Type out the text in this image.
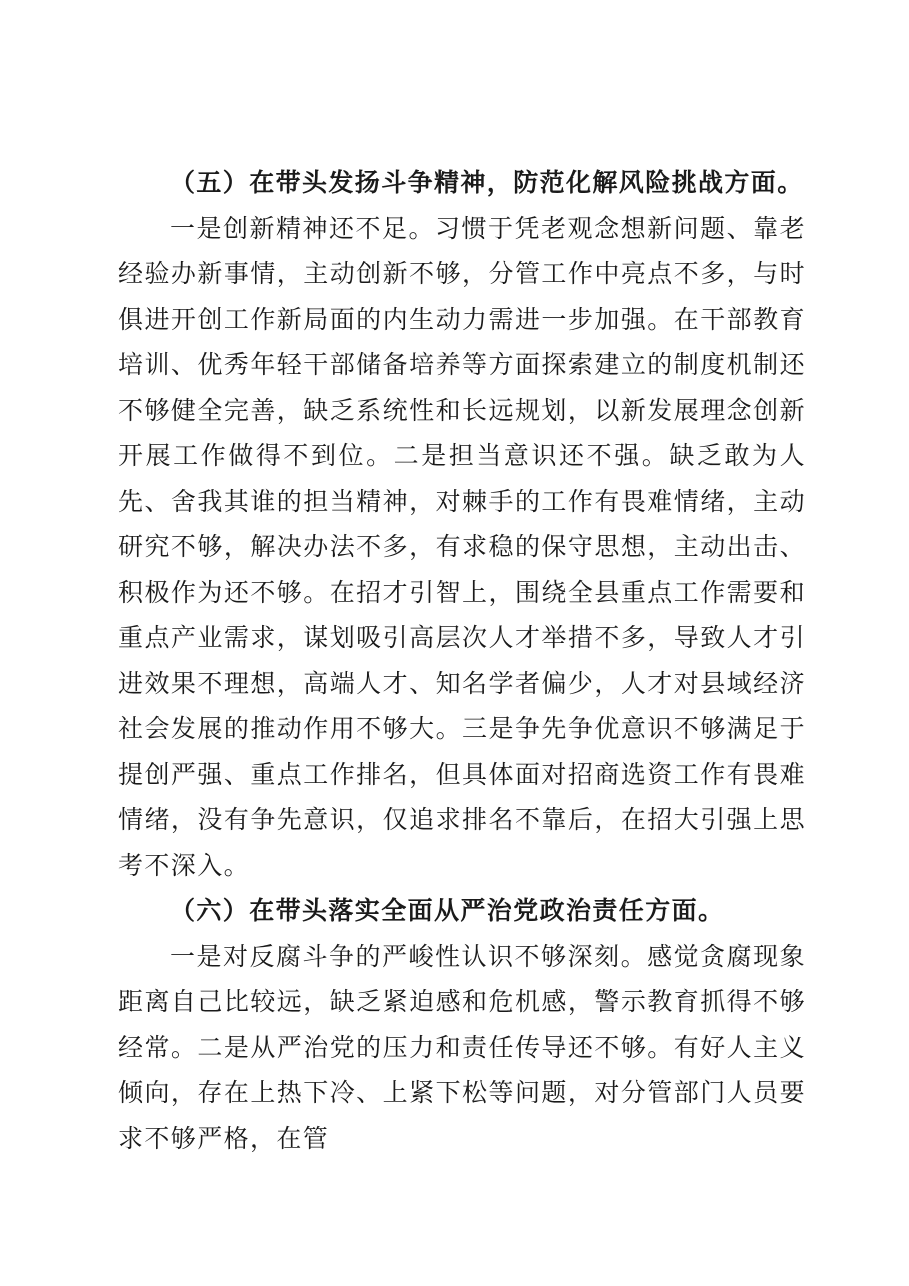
（五）在带头发扬斗争精神，防范化解风险挑战方面。

一是创新精神还不足。习惯于凭老观念想新问题、靠老经验办新事情，主动创新不够，分管工作中亮点不多，与时俱进开创工作新局面的内生动力需进一步加强。在干部教育培训、优秀年轻干部储备培养等方面探索建立的制度机制还不够健全完善，缺乏系统性和长远规划，以新发展理念创新开展工作做得不到位。二是担当意识还不强。缺乏敢为人先、舍我其谁的担当精神，对棘手的工作有畏难情绪，主动研究不够，解决办法不多，有求稳的保守思想，主动出击、积极作为还不够。在招才引智上，围绕全县重点工作需要和重点产业需求，谋划吸引高层次人才举措不多，导致人才引进效果不理想，高端人才、知名学者偏少，人才对县域经济社会发展的推动作用不够大。三是争先争优意识不够满足于提创严强、重点工作排名，但具体面对招商选资工作有畏难情绪，没有争先意识，仅追求排名不靠后，在招大引强上思考不深入。

（六）在带头落实全面从严治党政治责任方面。

一是对反腐斗争的严峻性认识不够深刻。感觉贪腐现象距离自己比较远，缺乏紧迫感和危机感，警示教育抓得不够经常。二是从严治党的压力和责任传导还不够。有好人主义倾向，存在上热下冷、上紧下松等问题，对分管部门人员要求不够严格，在管
